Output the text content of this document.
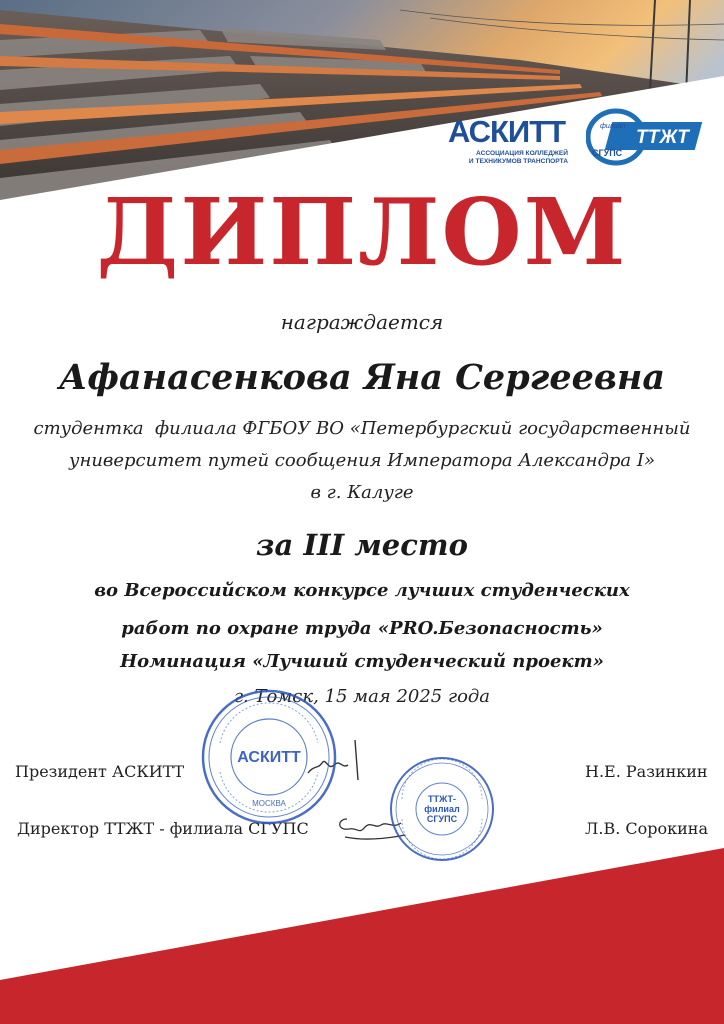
АСКИТТ
АССОЦИАЦИЯ КОЛЛЕДЖЕЙ
И ТЕХНИКУМОВ ТРАНСПОРТА
филиал
СГУПС
ТТЖТ
ДИПЛОМ
награждается
Афанасенкова Яна Сергеевна
студентка  филиала ФГБОУ ВО «Петербургский государственный
университет путей сообщения Императора Александра I»
в г. Калуге
за III место
во Всероссийском конкурсе лучших студенческих
работ по охране труда «PRO.Безопасность»
Номинация «Лучший студенческий проект»
г. Томск, 15 мая 2025 года
Президент АСКИТТ	Н.Е. Разинкин
Директор ТТЖТ - филиала СГУПС	Л.В. Сорокина
АСКИТТ
МОСКВА	ТТЖТ-
филиал
СГУПС
